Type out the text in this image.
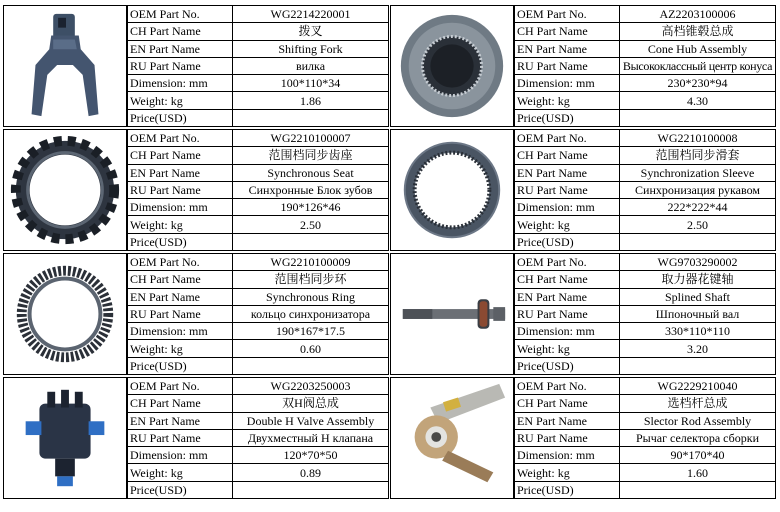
OEM Part No.	WG2214220001
CH Part Name	拨叉
EN Part Name	Shifting Fork
RU Part Name	вилка
Dimension: mm	100*110*34
Weight: kg	1.86
Price(USD)	
OEM Part No.	AZ2203100006
CH Part Name	高档锥毂总成
EN Part Name	Cone Hub Assembly
RU Part Name	Высококлассный центр конуса
Dimension: mm	230*230*94
Weight: kg	4.30
Price(USD)	
OEM Part No.	WG2210100007
CH Part Name	范围档同步齿座
EN Part Name	Synchronous Seat
RU Part Name	Синхронные Блок зубов
Dimension: mm	190*126*46
Weight: kg	2.50
Price(USD)	
OEM Part No.	WG2210100008
CH Part Name	范围档同步滑套
EN Part Name	Synchronization Sleeve
RU Part Name	Синхронизация рукавом
Dimension: mm	222*222*44
Weight: kg	2.50
Price(USD)	
OEM Part No.	WG2210100009
CH Part Name	范围档同步环
EN Part Name	Synchronous Ring
RU Part Name	кольцо синхронизатора
Dimension: mm	190*167*17.5
Weight: kg	0.60
Price(USD)	
OEM Part No.	WG9703290002
CH Part Name	取力器花键轴
EN Part Name	Splined Shaft
RU Part Name	Шпоночный вал
Dimension: mm	330*110*110
Weight: kg	3.20
Price(USD)	
OEM Part No.	WG2203250003
CH Part Name	双H阀总成
EN Part Name	Double H Valve Assembly
RU Part Name	Двухместный Н клапана
Dimension: mm	120*70*50
Weight: kg	0.89
Price(USD)	
OEM Part No.	WG2229210040
CH Part Name	选档杆总成
EN Part Name	Slector Rod Assembly
RU Part Name	Рычаг селектора сборки
Dimension: mm	90*170*40
Weight: kg	1.60
Price(USD)	
